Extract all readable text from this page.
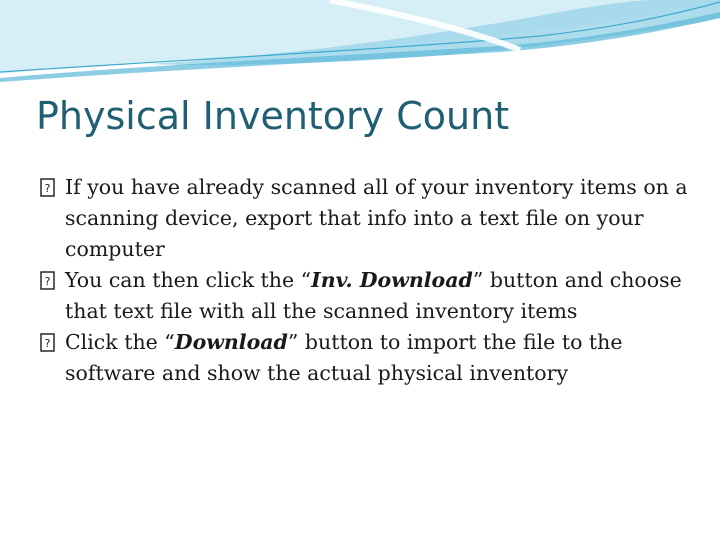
Physical Inventory Count
? If you have already scanned all of your inventory items on a scanning device, export that info into a text file on your computer
? You can then click the “Inv. Download” button and choose that text file with all the scanned inventory items
? Click the “Download” button to import the file to the software and show the actual physical inventory
